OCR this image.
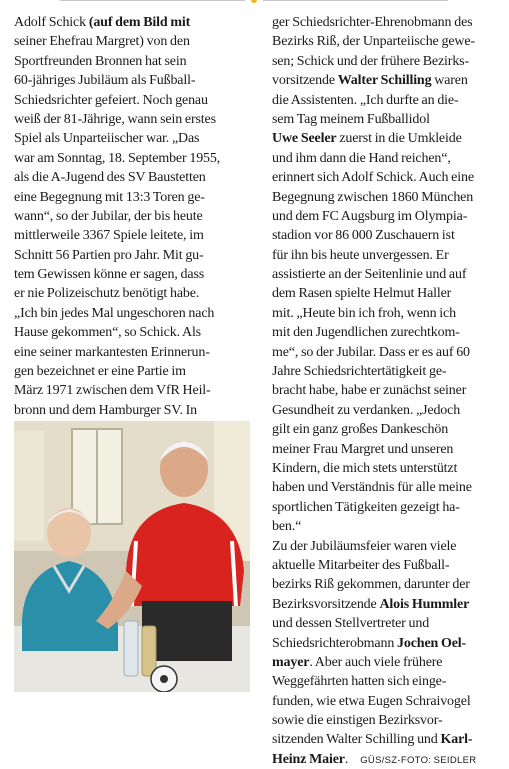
Adolf Schick (auf dem Bild mit
seiner Ehefrau Margret) von den
Sportfreunden Bronnen hat sein
60-jähriges Jubiläum als Fußball-
Schiedsrichter gefeiert. Noch genau
weiß der 81-Jährige, wann sein erstes
Spiel als Unparteiischer war. „Das
war am Sonntag, 18. September 1955,
als die A-Jugend des SV Baustetten
eine Begegnung mit 13:3 Toren ge-
wann“, so der Jubilar, der bis heute
mittlerweile 3367 Spiele leitete, im
Schnitt 56 Partien pro Jahr. Mit gu-
tem Gewissen könne er sagen, dass
er nie Polizeischutz benötigt habe.
„Ich bin jedes Mal ungeschoren nach
Hause gekommen“, so Schick. Als
eine seiner markantesten Erinnerun-
gen bezeichnet er eine Partie im
März 1971 zwischen dem VfR Heil-
bronn und dem Hamburger SV. In
ger Schiedsrichter-Ehrenobmann des
Bezirks Riß, der Unparteiische gewe-
sen; Schick und der frühere Bezirks-
vorsitzende Walter Schilling waren
die Assistenten. „Ich durfte an die-
sem Tag meinem Fußballidol
Uwe Seeler zuerst in die Umkleide
und ihm dann die Hand reichen“,
erinnert sich Adolf Schick. Auch eine
Begegnung zwischen 1860 München
und dem FC Augsburg im Olympia-
stadion vor 86 000 Zuschauern ist
für ihn bis heute unvergessen. Er
assistierte an der Seitenlinie und auf
dem Rasen spielte Helmut Haller
mit. „Heute bin ich froh, wenn ich
mit den Jugendlichen zurechtkom-
me“, so der Jubilar. Dass er es auf 60
Jahre Schiedsrichtertätigkeit ge-
bracht habe, habe er zunächst seiner
Gesundheit zu verdanken. „Jedoch
gilt ein ganz großes Dankeschön
meiner Frau Margret und unseren
Kindern, die mich stets unterstützt
haben und Verständnis für alle meine
sportlichen Tätigkeiten gezeigt ha-
ben.“
Zu der Jubiläumsfeier waren viele
aktuelle Mitarbeiter des Fußball-
bezirks Riß gekommen, darunter der
Bezirksvorsitzende Alois Hummler
und dessen Stellvertreter und
Schiedsrichterobmann Jochen Oel-
mayer. Aber auch viele frühere
Weggefährten hatten sich einge-
funden, wie etwa Eugen Schraivogel
sowie die einstigen Bezirksvor-
sitzenden Walter Schilling und Karl-
Heinz Maier. GÜS/SZ-FOTO: SEIDLER
